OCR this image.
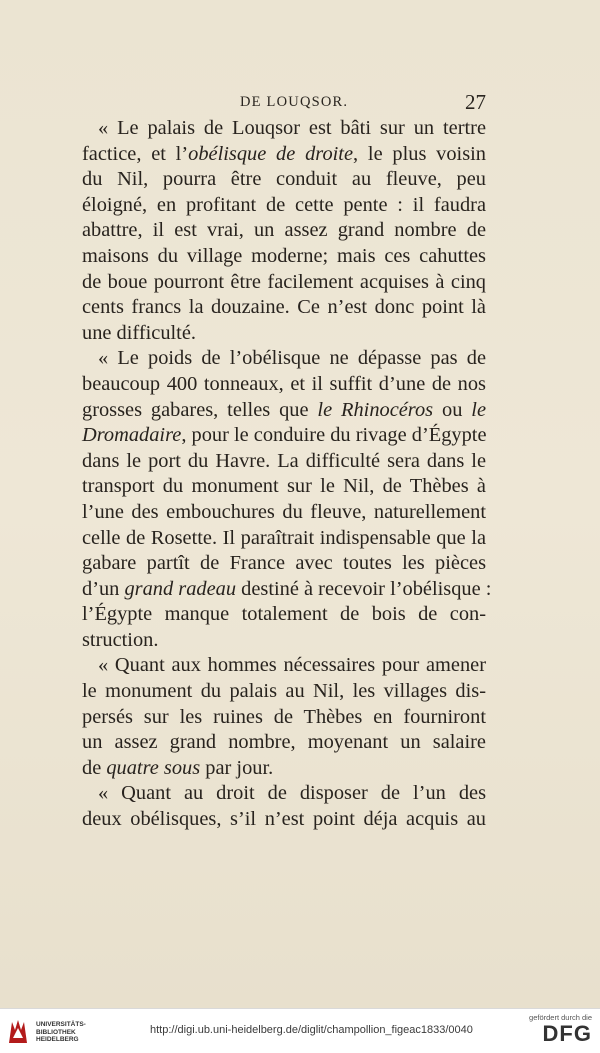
DE LOUQSOR.	27
« Le palais de Louqsor est bâti sur un tertre
factice, et l’obélisque de droite, le plus voisin
du Nil, pourra être conduit au fleuve, peu
éloigné, en profitant de cette pente : il faudra
abattre, il est vrai, un assez grand nombre de
maisons du village moderne; mais ces cahuttes
de boue pourront être facilement acquises à cinq
cents francs la douzaine. Ce n’est donc point là
une difficulté.
« Le poids de l’obélisque ne dépasse pas de
beaucoup 400 tonneaux, et il suffit d’une de nos
grosses gabares, telles que le Rhinocéros ou le
Dromadaire, pour le conduire du rivage d’Égypte
dans le port du Havre. La difficulté sera dans le
transport du monument sur le Nil, de Thèbes à
l’une des embouchures du fleuve, naturellement
celle de Rosette. Il paraîtrait indispensable que la
gabare partît de France avec toutes les pièces
d’un grand radeau destiné à recevoir l’obélisque :
l’Égypte manque totalement de bois de con-
struction.
« Quant aux hommes nécessaires pour amener
le monument du palais au Nil, les villages dis-
persés sur les ruines de Thèbes en fourniront
un assez grand nombre, moyenant un salaire
de quatre sous par jour.
« Quant au droit de disposer de l’un des
deux obélisques, s’il n’est point déja acquis au
UNIVERSITÄTS-
BIBLIOTHEK
HEIDELBERG
http://digi.ub.uni-heidelberg.de/diglit/champollion_figeac1833/0040
gefördert durch die
DFG
